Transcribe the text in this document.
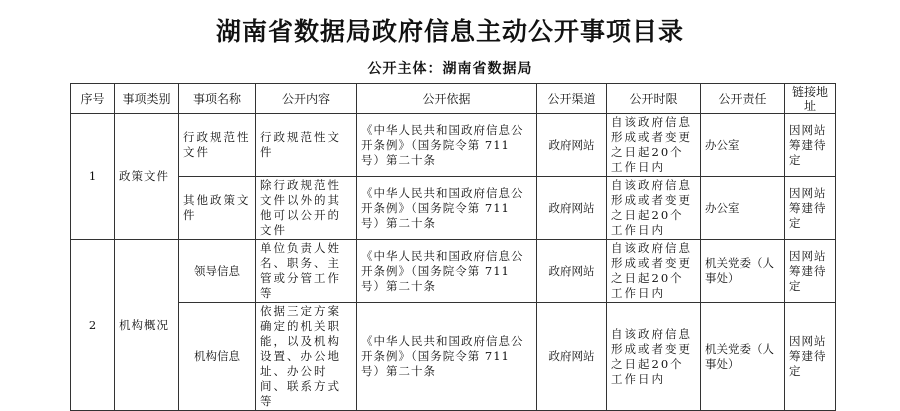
湖南省数据局政府信息主动公开事项目录
公开主体：湖南省数据局
序号	事项类别	事项名称	公开内容	公开依据	公开渠道	公开时限	公开责任	链接地址
1	政策文件	行政规范性文件	行政规范性文件	《中华人民共和国政府信息公开条例》（国务院令第 711 号）第二十条	政府网站	自该政府信息形成或者变更之日起20个工作日内	办公室	因网站筹建待定
		其他政策文件	除行政规范性文件以外的其他可以公开的文件	《中华人民共和国政府信息公开条例》（国务院令第 711 号）第二十条	政府网站	自该政府信息形成或者变更之日起20个工作日内	办公室	因网站筹建待定
2	机构概况	领导信息	单位负责人姓名、职务、主管或分管工作等	《中华人民共和国政府信息公开条例》（国务院令第 711 号）第二十条	政府网站	自该政府信息形成或者变更之日起20个工作日内	机关党委（人事处）	因网站筹建待定
		机构信息	依据三定方案确定的机关职能，以及机构设置、办公地址、办公时间、联系方式等	《中华人民共和国政府信息公开条例》（国务院令第 711 号）第二十条	政府网站	自该政府信息形成或者变更之日起20个工作日内	机关党委（人事处）	因网站筹建待定
